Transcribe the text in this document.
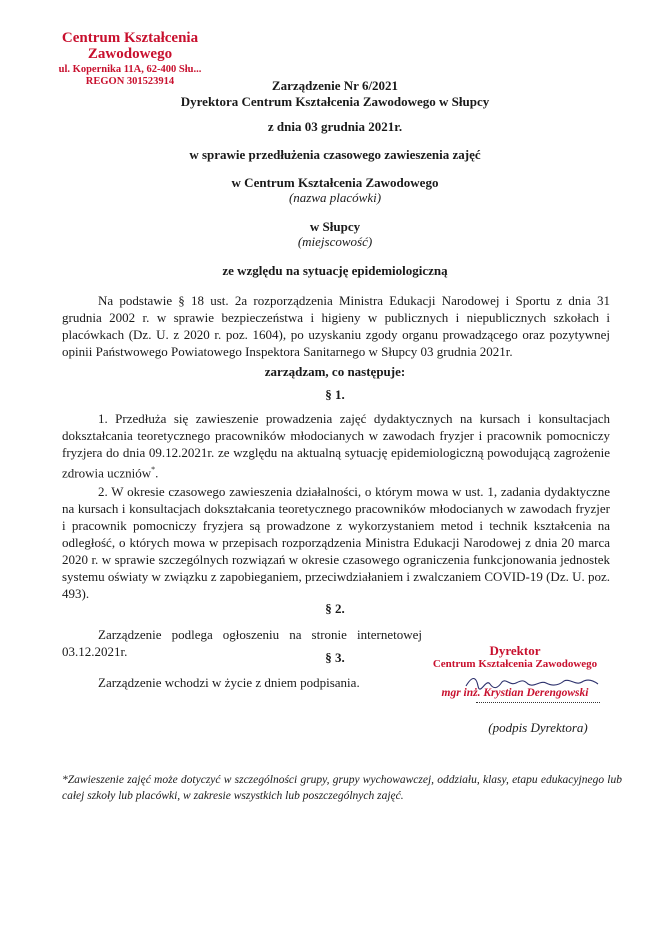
Centrum Kształcenia
Zawodowego
ul. Kopernika 11A, 62-400 Słu...
REGON 301523914	Zarządzenie Nr 6/2021
Dyrektora Centrum Kształcenia Zawodowego w Słupcy
z dnia 03 grudnia 2021r.
w sprawie przedłużenia czasowego zawieszenia zajęć
w Centrum Kształcenia Zawodowego
(nazwa placówki)
w Słupcy
(miejscowość)
ze względu na sytuację epidemiologiczną
Na podstawie § 18 ust. 2a rozporządzenia Ministra Edukacji Narodowej i Sportu z dnia 31 grudnia 2002 r. w sprawie bezpieczeństwa i higieny w publicznych i niepublicznych szkołach i placówkach (Dz. U. z 2020 r. poz. 1604), po uzyskaniu zgody organu prowadzącego oraz pozytywnej opinii Państwowego Powiatowego Inspektora Sanitarnego w Słupcy 03 grudnia 2021r.
zarządzam, co następuje:
§ 1.
1. Przedłuża się zawieszenie prowadzenia zajęć dydaktycznych na kursach i konsultacjach dokształcania teoretycznego pracowników młodocianych w zawodach fryzjer i pracownik pomocniczy fryzjera do dnia 09.12.2021r. ze względu na aktualną sytuację epidemiologiczną powodującą zagrożenie zdrowia uczniów*.
2. W okresie czasowego zawieszenia działalności, o którym mowa w ust. 1, zadania dydaktyczne na kursach i konsultacjach dokształcania teoretycznego pracowników młodocianych w zawodach fryzjer i pracownik pomocniczy fryzjera są prowadzone z wykorzystaniem metod i technik kształcenia na odległość, o których mowa w przepisach rozporządzenia Ministra Edukacji Narodowej z dnia 20 marca 2020 r. w sprawie szczególnych rozwiązań w okresie czasowego ograniczenia funkcjonowania jednostek systemu oświaty w związku z zapobieganiem, przeciwdziałaniem i zwalczaniem COVID-19 (Dz. U. poz. 493).
§ 2.
Zarządzenie podlega ogłoszeniu na stronie internetowej 03.12.2021r.	§ 3.
Zarządzenie wchodzi w życie z dniem podpisania.
Dyrektor
Centrum Kształcenia Zawodowego
mgr inż. Krystian Derengowski
(podpis Dyrektora)
*Zawieszenie zajęć może dotyczyć w szczególności grupy, grupy wychowawczej, oddziału, klasy, etapu edukacyjnego lub całej szkoły lub placówki, w zakresie wszystkich lub poszczególnych zajęć.
